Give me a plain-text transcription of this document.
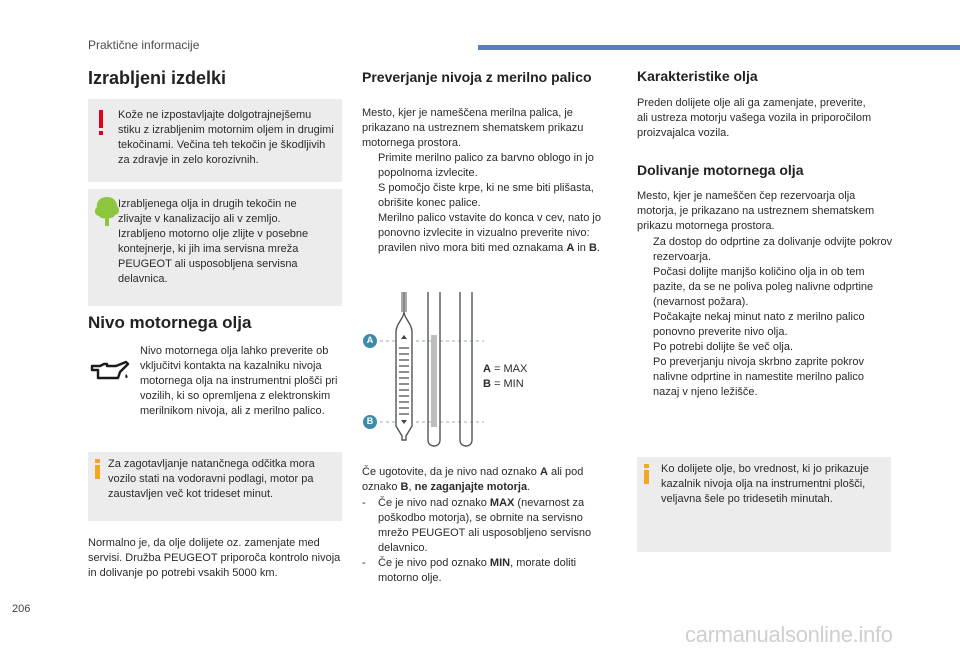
Praktične informacije
Izrabljeni izdelki
Kože ne izpostavljajte dolgotrajnejšemu stiku z izrabljenim motornim oljem in drugimi tekočinami. Večina teh tekočin je škodljivih za zdravje in zelo korozivnih.
Izrabljenega olja in drugih tekočin ne
zlivajte v kanalizacijo ali v zemljo.
Izrabljeno motorno olje zlijte v posebne
kontejnerje, ki jih ima servisna mreža
PEUGEOT ali usposobljena servisna
delavnica.
Nivo motornega olja
Nivo motornega olja lahko preverite ob vključitvi kontakta na kazalniku nivoja motornega olja na instrumentni plošči pri vozilih, ki so opremljena z elektronskim merilnikom nivoja, ali z merilno palico.
Za zagotavljanje natančnega odčitka mora vozilo stati na vodoravni podlagi, motor pa zaustavljen več kot trideset minut.
Normalno je, da olje dolijete oz. zamenjate med servisi. Družba PEUGEOT priporoča kontrolo nivoja in dolivanje po potrebi vsakih 5000 km.
Preverjanje nivoja z merilno palico
Mesto, kjer je nameščena merilna palica, je prikazano na ustreznem shematskem prikazu motornega prostora.
Primite merilno palico za barvno oblogo in jo popolnoma izvlecite.
S pomočjo čiste krpe, ki ne sme biti plišasta, obrišite konec palice.
Merilno palico vstavite do konca v cev, nato jo ponovno izvlecite in vizualno preverite nivo: pravilen nivo mora biti med oznakama A in B.
A
B
A = MAX
B = MIN
Če ugotovite, da je nivo nad oznako A ali pod oznako B, ne zaganjajte motorja.
- Če je nivo nad oznako MAX (nevarnost za poškodbo motorja), se obrnite na servisno mrežo PEUGEOT ali usposobljeno servisno delavnico.
- Če je nivo pod oznako MIN, morate doliti motorno olje.
Karakteristike olja
Preden dolijete olje ali ga zamenjate, preverite, ali ustreza motorju vašega vozila in priporočilom proizvajalca vozila.
Dolivanje motornega olja
Mesto, kjer je nameščen čep rezervoarja olja motorja, je prikazano na ustreznem shematskem prikazu motornega prostora.
Za dostop do odprtine za dolivanje odvijte pokrov rezervoarja.
Počasi dolijte manjšo količino olja in ob tem pazite, da se ne poliva poleg nalivne odprtine (nevarnost požara).
Počakajte nekaj minut nato z merilno palico ponovno preverite nivo olja.
Po potrebi dolijte še več olja.
Po preverjanju nivoja skrbno zaprite pokrov nalivne odprtine in namestite merilno palico nazaj v njeno ležišče.
Ko dolijete olje, bo vrednost, ki jo prikazuje kazalnik nivoja olja na instrumentni plošči, veljavna šele po tridesetih minutah.
206
carmanualsonline.info
